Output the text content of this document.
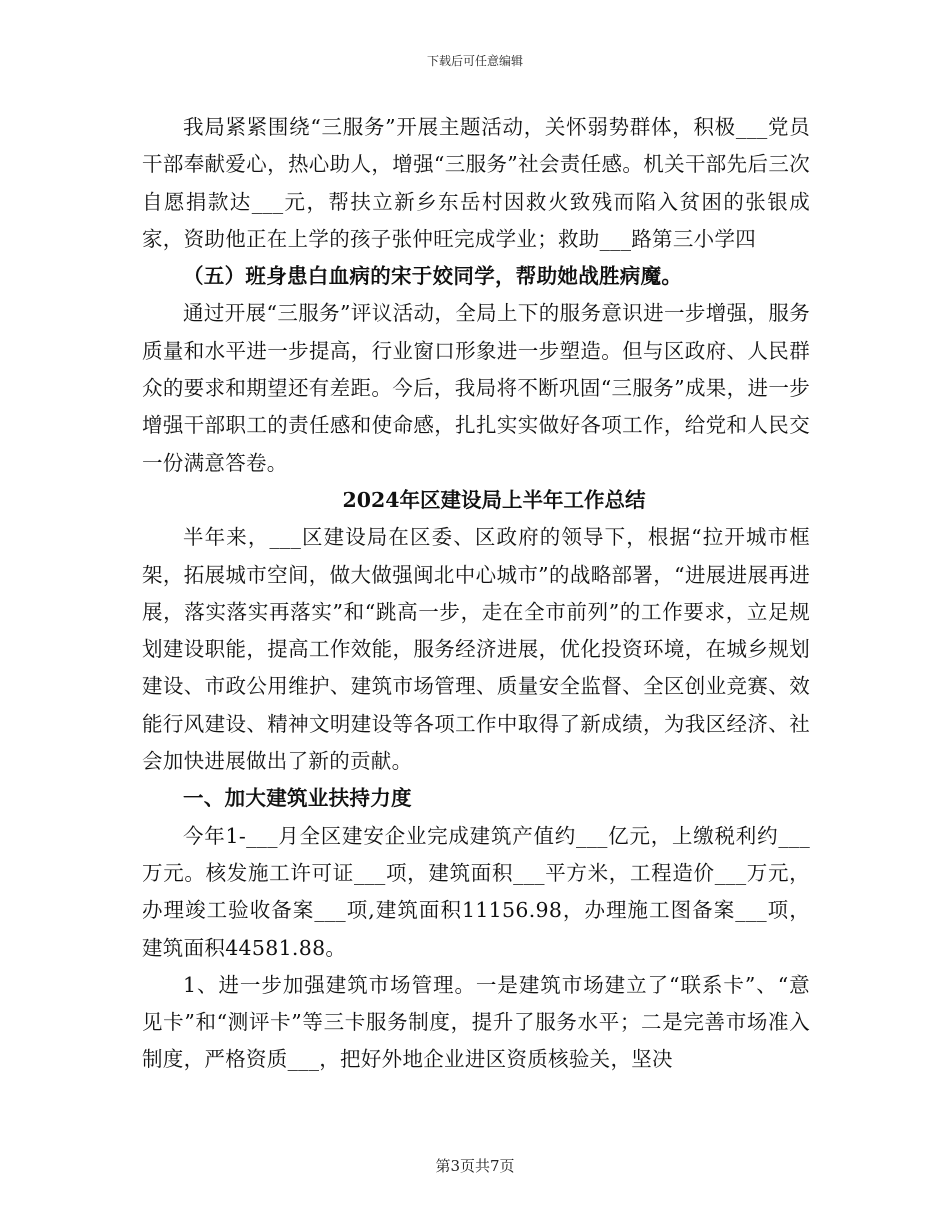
下载后可任意编辑

我局紧紧围绕“三服务”开展主题活动，关怀弱势群体，积极___党员干部奉献爱心，热心助人，增强“三服务”社会责任感。机关干部先后三次自愿捐款达___元，帮扶立新乡东岳村因救火致残而陷入贫困的张银成家，资助他正在上学的孩子张仲旺完成学业；救助___路第三小学四

（五）班身患白血病的宋于姣同学，帮助她战胜病魔。

通过开展“三服务”评议活动，全局上下的服务意识进一步增强，服务质量和水平进一步提高，行业窗口形象进一步塑造。但与区政府、人民群众的要求和期望还有差距。今后，我局将不断巩固“三服务”成果，进一步增强干部职工的责任感和使命感，扎扎实实做好各项工作，给党和人民交一份满意答卷。

2024年区建设局上半年工作总结

半年来，___区建设局在区委、区政府的领导下，根据“拉开城市框架，拓展城市空间，做大做强闽北中心城市”的战略部署，“进展进展再进展，落实落实再落实”和“跳高一步，走在全市前列”的工作要求，立足规划建设职能，提高工作效能，服务经济进展，优化投资环境，在城乡规划建设、市政公用维护、建筑市场管理、质量安全监督、全区创业竞赛、效能行风建设、精神文明建设等各项工作中取得了新成绩，为我区经济、社会加快进展做出了新的贡献。

一、加大建筑业扶持力度

今年1-___月全区建安企业完成建筑产值约___亿元，上缴税利约___万元。核发施工许可证___项，建筑面积___平方米，工程造价___万元，办理竣工验收备案___项,建筑面积11156.98，办理施工图备案___项，建筑面积44581.88。

1、进一步加强建筑市场管理。一是建筑市场建立了“联系卡”、“意见卡”和“测评卡”等三卡服务制度，提升了服务水平；二是完善市场准入制度，严格资质___，把好外地企业进区资质核验关，坚决

第3页共7页
